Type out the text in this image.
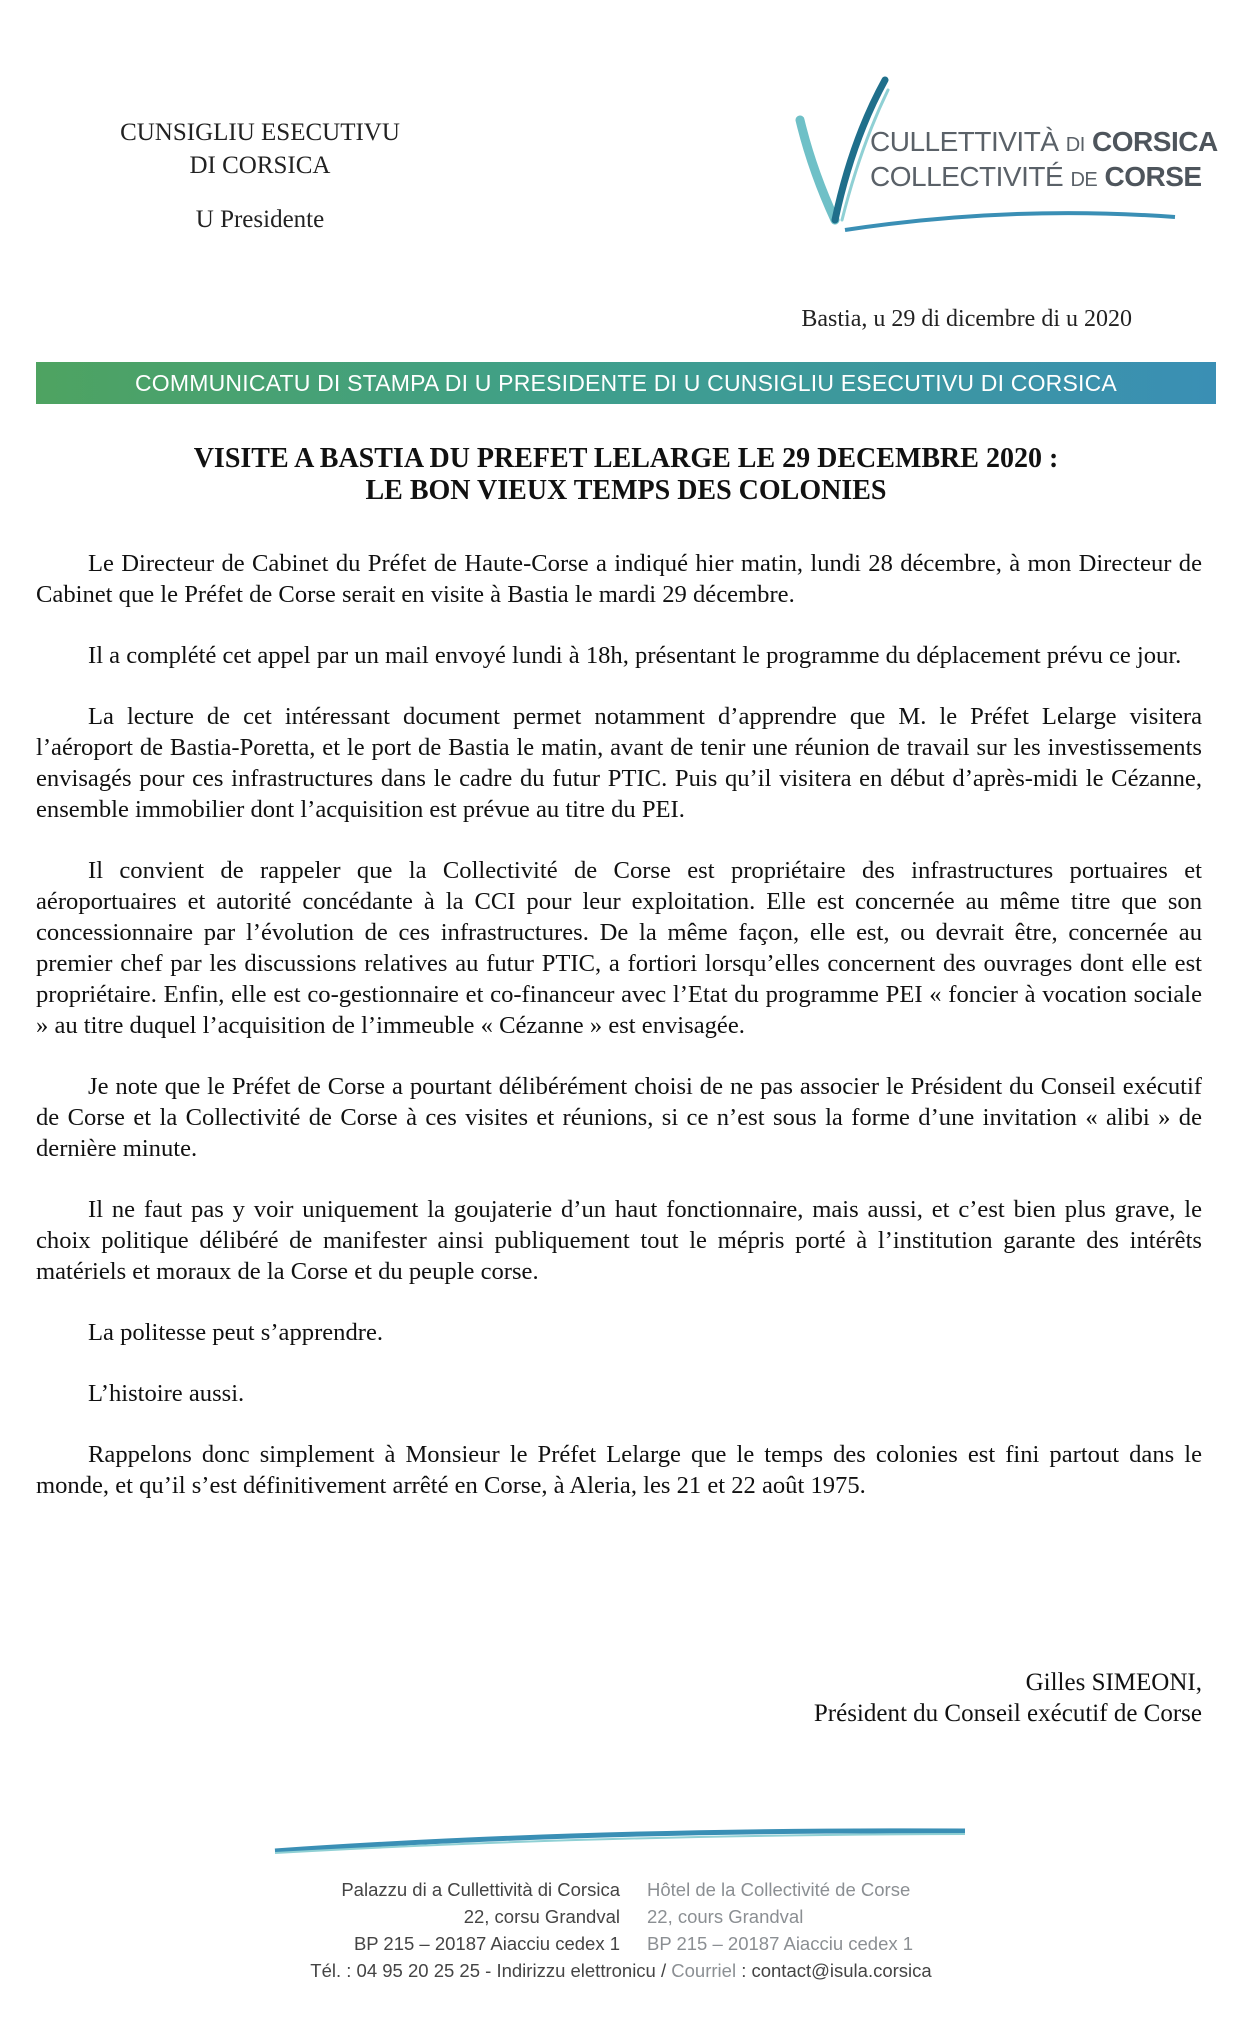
CUNSIGLIU ESECUTIVU
DI CORSICA
U Presidente
CULLETTIVITÀ DI CORSICA
COLLECTIVITÉ DE CORSE
Bastia, u 29 di dicembre di u 2020
COMMUNICATU DI STAMPA DI U PRESIDENTE DI U CUNSIGLIU ESECUTIVU DI CORSICA
VISITE A BASTIA DU PREFET LELARGE LE 29 DECEMBRE 2020 :
LE BON VIEUX TEMPS DES COLONIES

Le Directeur de Cabinet du Préfet de Haute-Corse a indiqué hier matin, lundi 28 décembre, à mon Directeur de Cabinet que le Préfet de Corse serait en visite à Bastia le mardi 29 décembre.

Il a complété cet appel par un mail envoyé lundi à 18h, présentant le programme du déplacement prévu ce jour.

La lecture de cet intéressant document permet notamment d’apprendre que M. le Préfet Lelarge visitera l’aéroport de Bastia-Poretta, et le port de Bastia le matin, avant de tenir une réunion de travail sur les investissements envisagés pour ces infrastructures dans le cadre du futur PTIC. Puis qu’il visitera en début d’après-midi le Cézanne, ensemble immobilier dont l’acquisition est prévue au titre du PEI.

Il convient de rappeler que la Collectivité de Corse est propriétaire des infrastructures portuaires et aéroportuaires et autorité concédante à la CCI pour leur exploitation. Elle est concernée au même titre que son concessionnaire par l’évolution de ces infrastructures. De la même façon, elle est, ou devrait être, concernée au premier chef par les discussions relatives au futur PTIC, a fortiori lorsqu’elles concernent des ouvrages dont elle est propriétaire. Enfin, elle est co-gestionnaire et co-financeur avec l’Etat du programme PEI « foncier à vocation sociale » au titre duquel l’acquisition de l’immeuble « Cézanne » est envisagée.

Je note que le Préfet de Corse a pourtant délibérément choisi de ne pas associer le Président du Conseil exécutif de Corse et la Collectivité de Corse à ces visites et réunions, si ce n’est sous la forme d’une invitation « alibi » de dernière minute.

Il ne faut pas y voir uniquement la goujaterie d’un haut fonctionnaire, mais aussi, et c’est bien plus grave, le choix politique délibéré de manifester ainsi publiquement tout le mépris porté à l’institution garante des intérêts matériels et moraux de la Corse et du peuple corse.

La politesse peut s’apprendre.

L’histoire aussi.

Rappelons donc simplement à Monsieur le Préfet Lelarge que le temps des colonies est fini partout dans le monde, et qu’il s’est définitivement arrêté en Corse, à Aleria, les 21 et 22 août 1975.

Gilles SIMEONI,
Président du Conseil exécutif de Corse
Palazzu di a Cullettività di Corsica
22, corsu Grandval
BP 215 – 20187 Aiacciu cedex 1
Hôtel de la Collectivité de Corse
22, cours Grandval
BP 215 – 20187 Aiacciu cedex 1
Tél. : 04 95 20 25 25 - Indirizzu elettronicu / Courriel : contact@isula.corsica
